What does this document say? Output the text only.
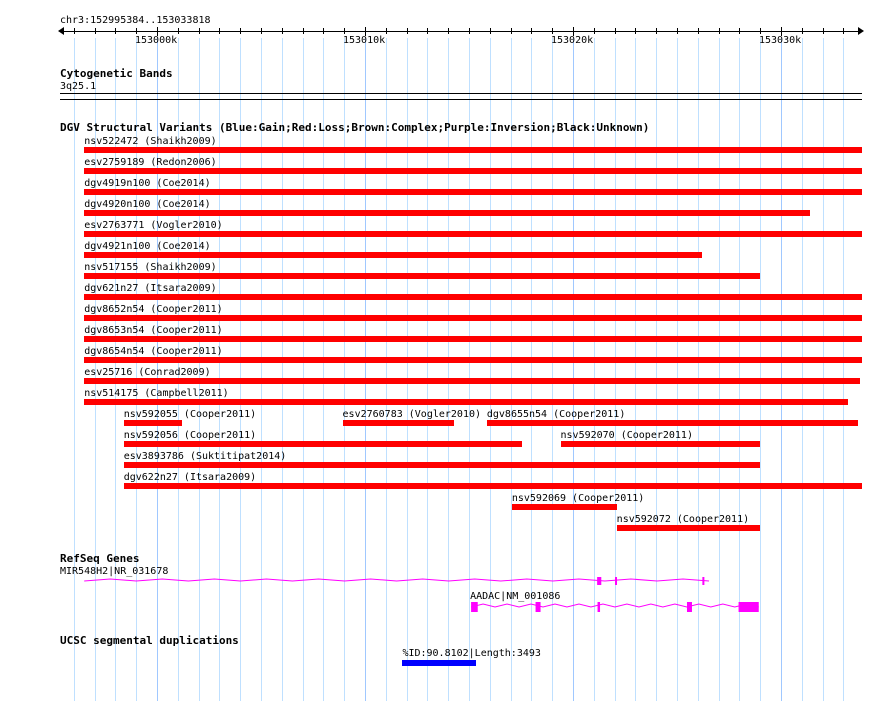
chr3:152995384..153033818
153000k	153010k	153020k	153030k
Cytogenetic Bands
3q25.1
DGV Structural Variants (Blue:Gain;Red:Loss;Brown:Complex;Purple:Inversion;Black:Unknown)
nsv522472 (Shaikh2009)
esv2759189 (Redon2006)
dgv4919n100 (Coe2014)
dgv4920n100 (Coe2014)
esv2763771 (Vogler2010)
dgv4921n100 (Coe2014)
nsv517155 (Shaikh2009)
dgv621n27 (Itsara2009)
dgv8652n54 (Cooper2011)
dgv8653n54 (Cooper2011)
dgv8654n54 (Cooper2011)
esv25716 (Conrad2009)
nsv514175 (Campbell2011)
nsv592055 (Cooper2011)	esv2760783 (Vogler2010) dgv8655n54 (Cooper2011)
nsv592056 (Cooper2011)	nsv592070 (Cooper2011)
esv3893786 (Suktitipat2014)
dgv622n27 (Itsara2009)
nsv592069 (Cooper2011)
nsv592072 (Cooper2011)
RefSeq Genes
MIR548H2|NR_031678
AADAC|NM_001086
UCSC segmental duplications
%ID:90.8102|Length:3493
